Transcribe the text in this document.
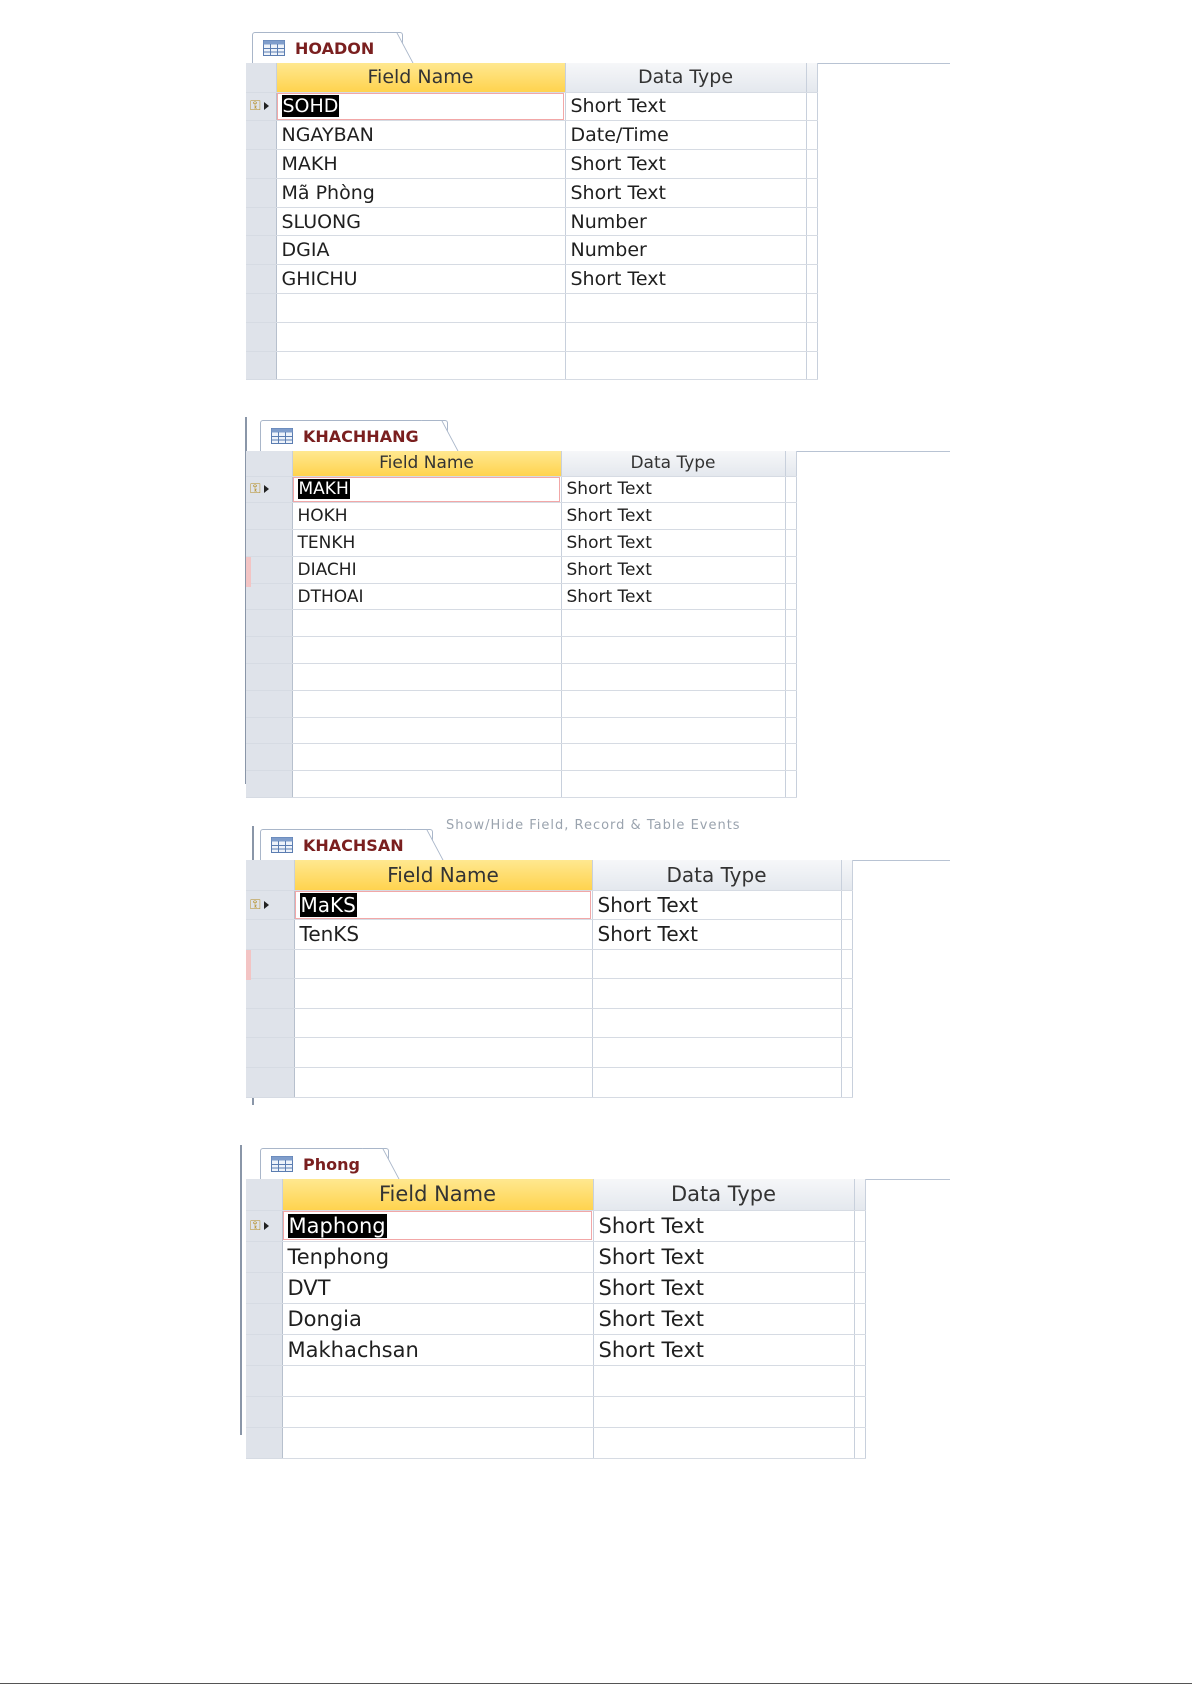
HOADON
	Field Name	Data Type	

⚿	SOHD	Short Text	
	NGAYBAN	Date/Time	
	MAKH	Short Text	
	Mã Phòng	Short Text	
	SLUONG	Number	
	DGIA	Number	
	GHICHU	Short Text	

KHACHHANG
	Field Name	Data Type	

⚿	MAKH	Short Text	
	HOKH	Short Text	
	TENKH	Short Text	
	DIACHI	Short Text	
	DTHOAI	Short Text	

Show/Hide Field, Record & Table Events
KHACHSAN
	Field Name	Data Type	

⚿	MaKS	Short Text	
	TenKS	Short Text	

Phong
	Field Name	Data Type	

⚿	Maphong	Short Text	
	Tenphong	Short Text	
	DVT	Short Text	
	Dongia	Short Text	
	Makhachsan	Short Text	
